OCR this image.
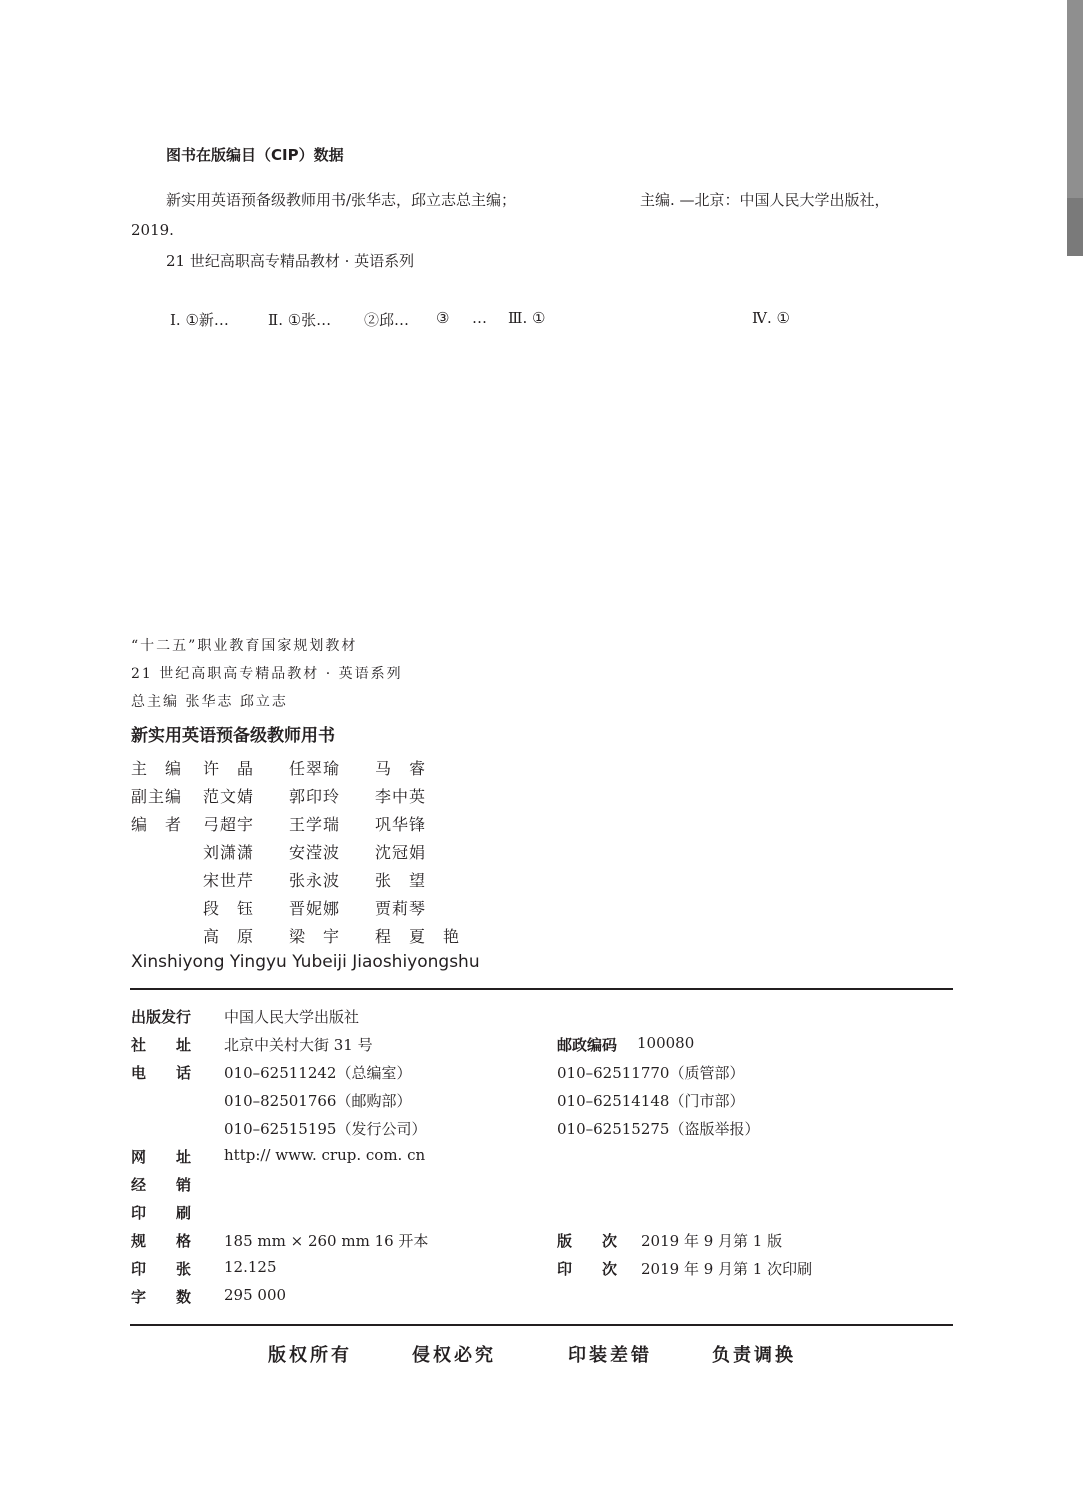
图书在版编目（CIP）数据
新实用英语预备级教师用书/张华志，邱立志总主编；	主编. —北京：中国人民大学出版社，
2019.
21 世纪高职高专精品教材 · 英语系列
Ⅰ. ①新…	Ⅱ. ①张… ②邱… ③ … Ⅲ. ①	Ⅳ. ①
“十二五”职业教育国家规划教材
21 世纪高职高专精品教材 · 英语系列
总主编 张华志 邱立志
新实用英语预备级教师用书
主　编 许　晶 任翠瑜 马　睿
副主编 范文婧 郭印玲 李中英
编　者 弓超宇 王学瑞 巩华锋
刘潇潇 安滢波 沈冠娟
宋世芹 张永波 张　望
段　钰 晋妮娜 贾莉琴
高　原 梁　宇 程　夏　艳
Xinshiyong Yingyu Yubeiji Jiaoshiyongshu
出版发行 中国人民大学出版社
社　　址 北京中关村大街 31 号	邮政编码 100080
电　　话 010–62511242（总编室）	010–62511770（质管部）
010–82501766（邮购部）	010–62514148（门市部）
010–62515195（发行公司）	010–62515275（盗版举报）
网　　址 http:// www. crup. com. cn
经　　销
印　　刷
规　　格 185 mm × 260 mm 16 开本	版　　次 2019 年 9 月第 1 版
印　　张 12.125	印　　次 2019 年 9 月第 1 次印刷
字　　数 295 000
版权所有	侵权必究	印装差错	负责调换
